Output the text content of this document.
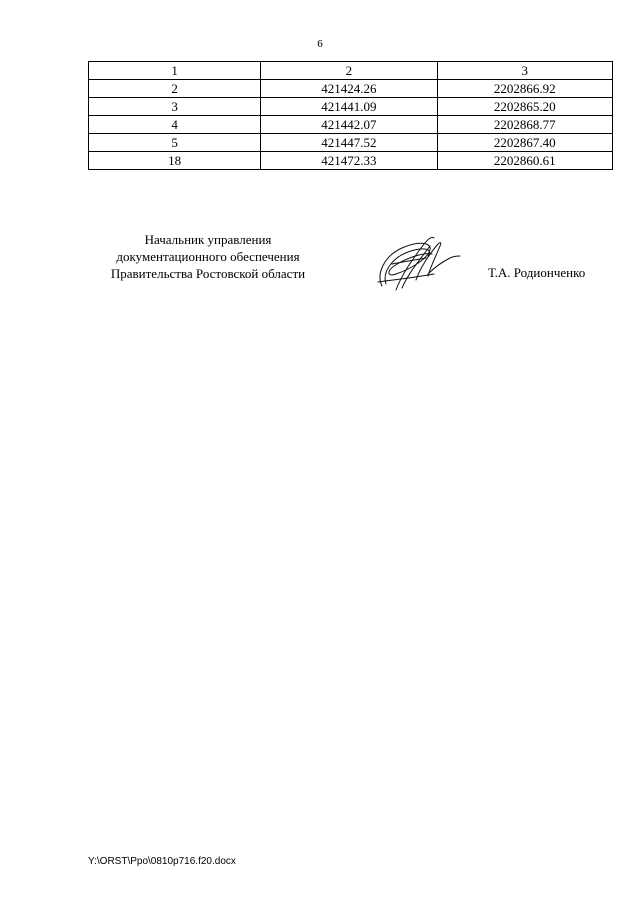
6
1	2	3
2	421424.26	2202866.92
3	421441.09	2202865.20
4	421442.07	2202868.77
5	421447.52	2202867.40
18	421472.33	2202860.61
Начальник управления
документационного обеспечения
Правительства Ростовской области	Т.А. Родионченко
Y:\ORST\Ppo\0810p716.f20.docx
